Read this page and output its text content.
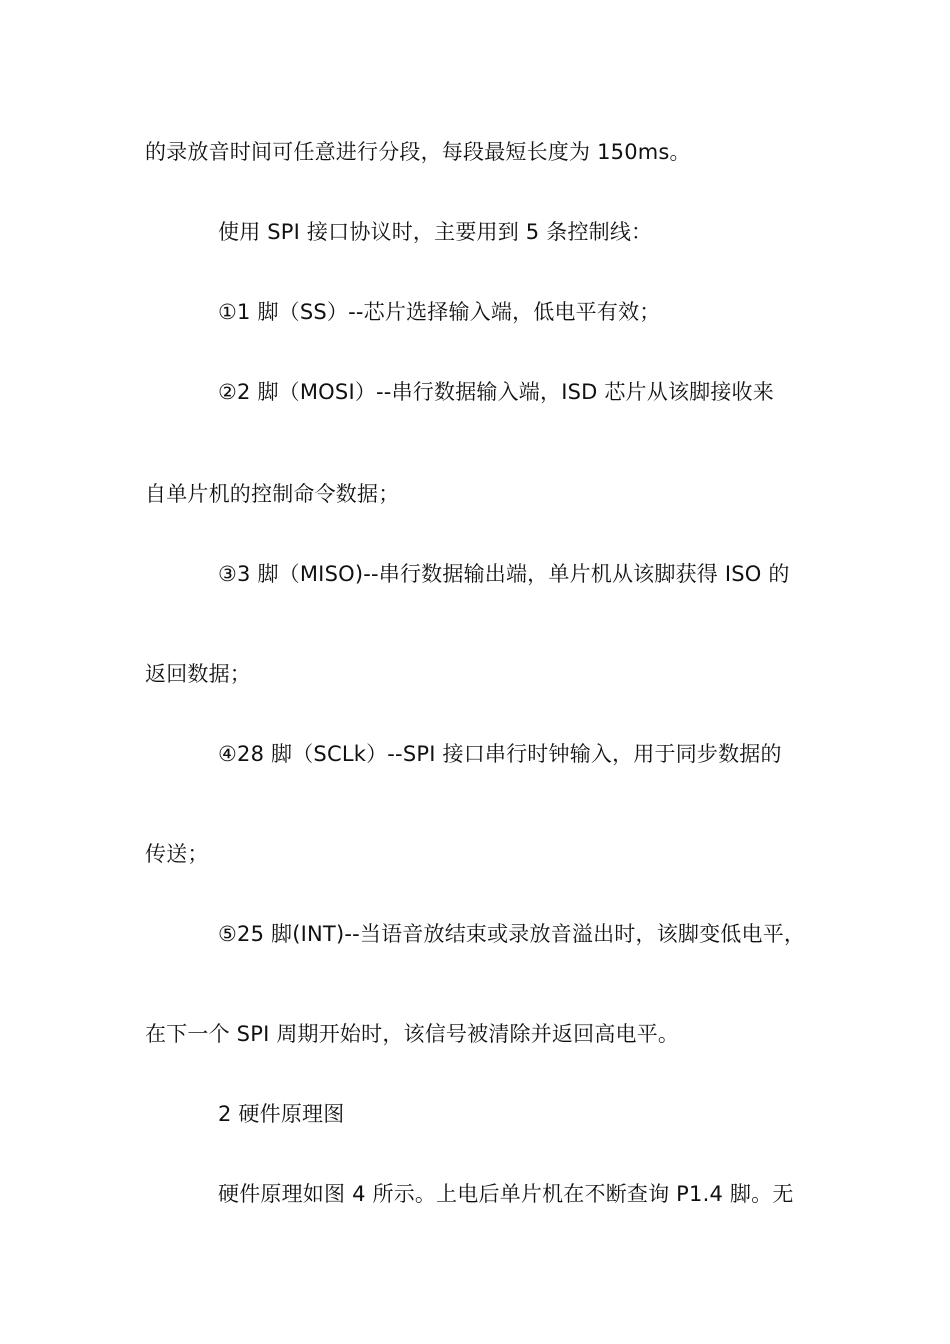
的录放音时间可任意进行分段，每段最短长度为 150ms。

使用 SPI 接口协议时，主要用到 5 条控制线：

①1 脚（SS）--芯片选择输入端，低电平有效；

②2 脚（MOSI）--串行数据输入端，ISD 芯片从该脚接收来

自单片机的控制命令数据；

③3 脚（MISO)--串行数据输出端，单片机从该脚获得 ISO 的

返回数据；

④28 脚（SCLk）--SPI 接口串行时钟输入，用于同步数据的

传送；

⑤25 脚(INT)--当语音放结束或录放音溢出时，该脚变低电平，

在下一个 SPI 周期开始时，该信号被清除并返回高电平。

2 硬件原理图

硬件原理如图 4 所示。上电后单片机在不断查询 P1.4 脚。无
